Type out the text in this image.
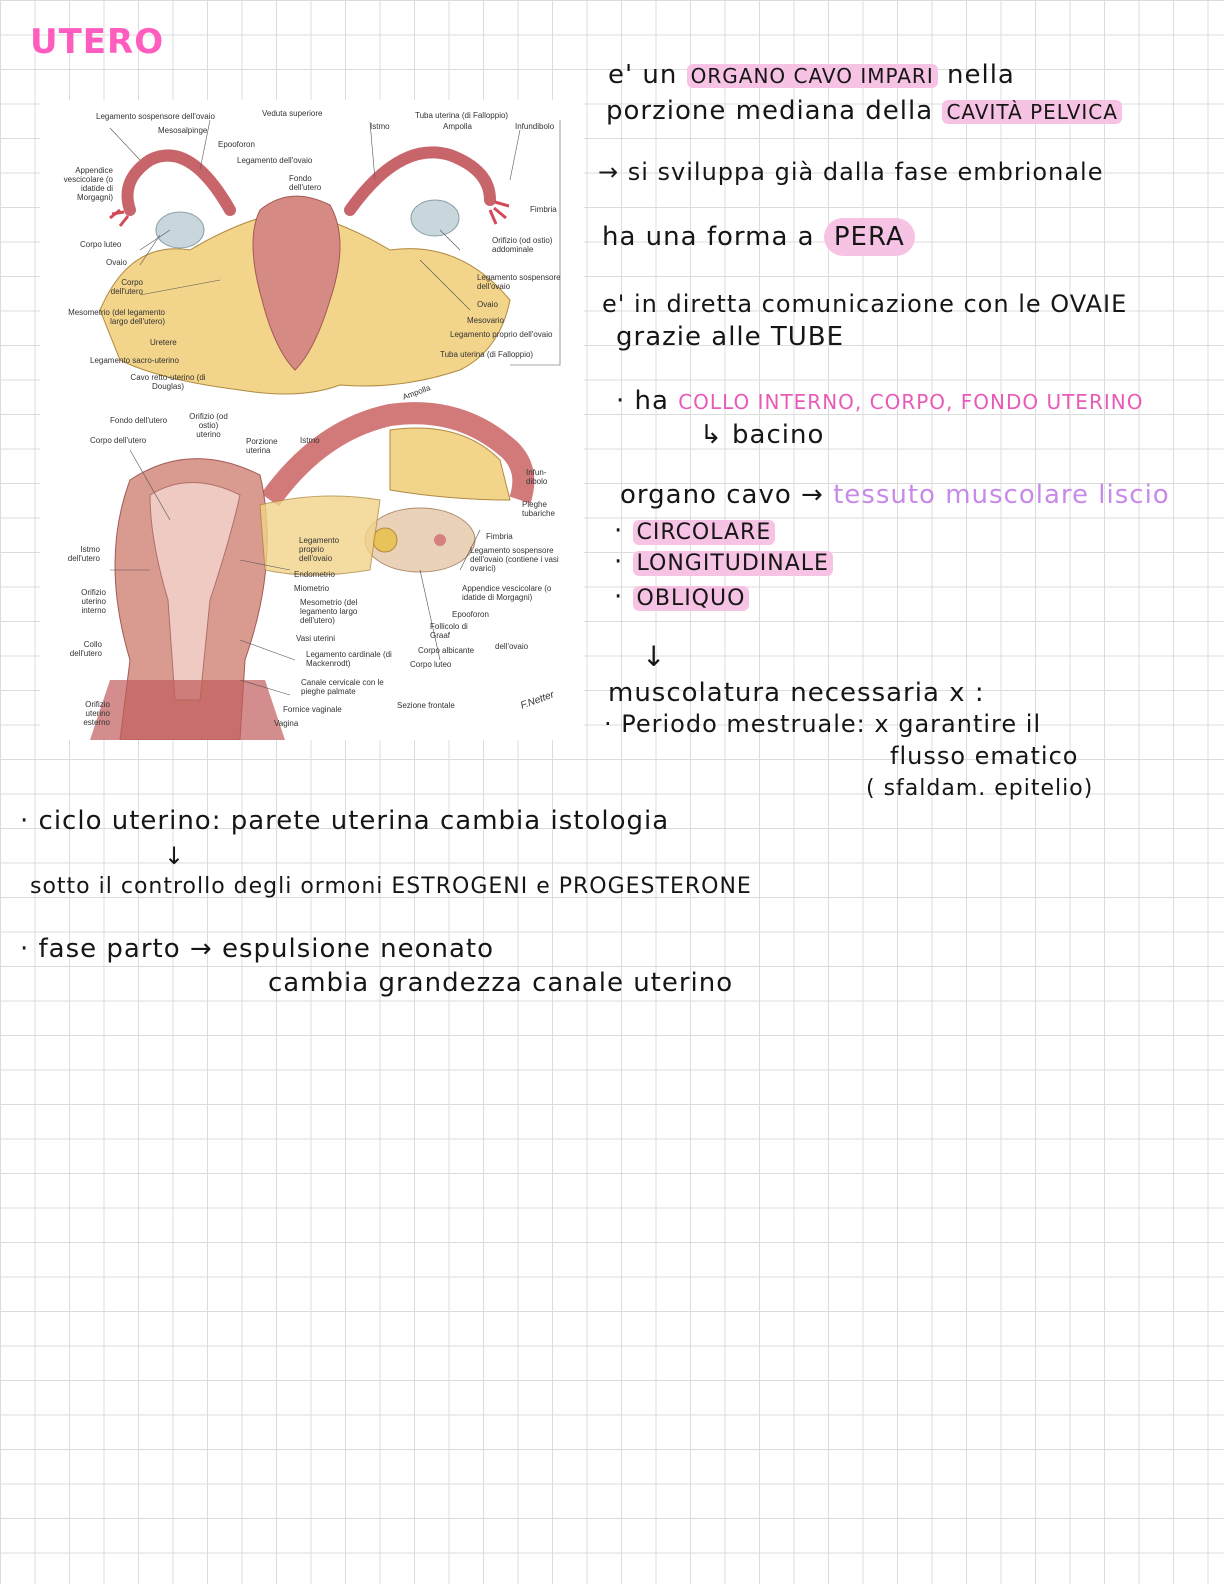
UTERO
Legamento sospensore dell'ovaio	Veduta superiore	Tuba uterina (di Falloppio)
Mesosalpinge	Istmo	Ampolla	Infundibolo
Epooforon
Appendice vescicolare (o idatide di Morgagni)
Legamento dell'ovaio
Fondo dell'utero
Fimbria
Corpo luteo
Ovaio
Orifizio (od ostio) addominale
Corpo dell'utero
Legamento sospensore dell'ovaio
Ovaio
Mesometrio (del legamento largo dell'utero)	Mesovario
Legamento proprio dell'ovaio
Uretere
Legamento sacro-uterino
Tuba uterina (di Falloppio)
Cavo retto-uterino (di Douglas)	Ampolla
Fondo dell'utero	Orifizio (od ostio) uterino
Corpo dell'utero	Porzione uterina
Istmo
Infun-dibolo
Pieghe tubariche
Fimbria
Istmo dell'utero
Legamento proprio dell'ovaio
Endometrio
Miometrio
Legamento sospensore dell'ovaio (contiene i vasi ovarici)
Orifizio uterino interno
Mesometrio (del legamento largo dell'utero)
Appendice vescicolare (o idatide di Morgagni)
Epooforon
Vasi uterini
Follicolo di Graaf
Collo dell'utero	Legamento cardinale (di Mackenrodt)
Corpo albicante	dell'ovaio
Corpo luteo
Canale cervicale con le pieghe palmate
Orifizio uterino esterno
Fornice vaginale	Sezione frontale
Vagina
F.Netter
e' un ORGANO CAVO IMPARI nella
porzione mediana della CAVITÀ PELVICA
→ si sviluppa già dalla fase embrionale
ha una forma a PERA
e' in diretta comunicazione con le OVAIE
grazie alle TUBE
· ha COLLO INTERNO, CORPO, FONDO UTERINO
↳ bacino
organo cavo → tessuto muscolare liscio
· CIRCOLARE
· LONGITUDINALE
· OBLIQUO
↓
muscolatura necessaria x :
· Periodo mestruale: x garantire il
flusso ematico
( sfaldam. epitelio)
· ciclo uterino: parete uterina cambia istologia
↓
sotto il controllo degli ormoni ESTROGENI e PROGESTERONE
· fase parto → espulsione neonato
cambia grandezza canale uterino
